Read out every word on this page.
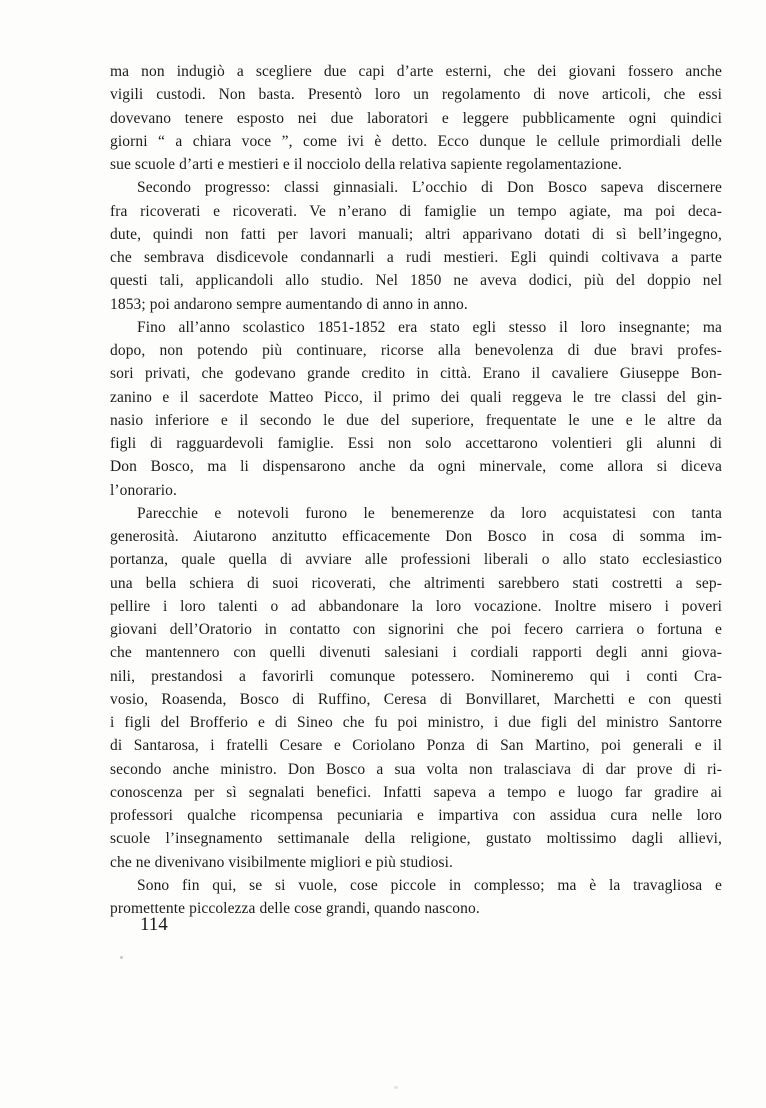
ma non indugiò a scegliere due capi d’arte esterni, che dei giovani fossero anche
vigili custodi. Non basta. Presentò loro un regolamento di nove articoli, che essi
dovevano tenere esposto nei due laboratori e leggere pubblicamente ogni quindici
giorni “ a chiara voce ”, come ivi è detto. Ecco dunque le cellule primordiali delle
sue scuole d’arti e mestieri e il nocciolo della relativa sapiente regolamentazione.
Secondo progresso: classi ginnasiali. L’occhio di Don Bosco sapeva discernere
fra ricoverati e ricoverati. Ve n’erano di famiglie un tempo agiate, ma poi deca-
dute, quindi non fatti per lavori manuali; altri apparivano dotati di sì bell’ingegno,
che sembrava disdicevole condannarli a rudi mestieri. Egli quindi coltivava a parte
questi tali, applicandoli allo studio. Nel 1850 ne aveva dodici, più del doppio nel
1853; poi andarono sempre aumentando di anno in anno.
Fino all’anno scolastico 1851-1852 era stato egli stesso il loro insegnante; ma
dopo, non potendo più continuare, ricorse alla benevolenza di due bravi profes-
sori privati, che godevano grande credito in città. Erano il cavaliere Giuseppe Bon-
zanino e il sacerdote Matteo Picco, il primo dei quali reggeva le tre classi del gin-
nasio inferiore e il secondo le due del superiore, frequentate le une e le altre da
figli di ragguardevoli famiglie. Essi non solo accettarono volentieri gli alunni di
Don Bosco, ma li dispensarono anche da ogni minervale, come allora si diceva
l’onorario.
Parecchie e notevoli furono le benemerenze da loro acquistatesi con tanta
generosità. Aiutarono anzitutto efficacemente Don Bosco in cosa di somma im-
portanza, quale quella di avviare alle professioni liberali o allo stato ecclesiastico
una bella schiera di suoi ricoverati, che altrimenti sarebbero stati costretti a sep-
pellire i loro talenti o ad abbandonare la loro vocazione. Inoltre misero i poveri
giovani dell’Oratorio in contatto con signorini che poi fecero carriera o fortuna e
che mantennero con quelli divenuti salesiani i cordiali rapporti degli anni giova-
nili, prestandosi a favorirli comunque potessero. Nomineremo qui i conti Cra-
vosio, Roasenda, Bosco di Ruffino, Ceresa di Bonvillaret, Marchetti e con questi
i figli del Brofferio e di Sineo che fu poi ministro, i due figli del ministro Santorre
di Santarosa, i fratelli Cesare e Coriolano Ponza di San Martino, poi generali e il
secondo anche ministro. Don Bosco a sua volta non tralasciava di dar prove di ri-
conoscenza per sì segnalati benefici. Infatti sapeva a tempo e luogo far gradire ai
professori qualche ricompensa pecuniaria e impartiva con assidua cura nelle loro
scuole l’insegnamento settimanale della religione, gustato moltissimo dagli allievi,
che ne divenivano visibilmente migliori e più studiosi.
Sono fin qui, se si vuole, cose piccole in complesso; ma è la travagliosa e
promettente piccolezza delle cose grandi, quando nascono.
114
